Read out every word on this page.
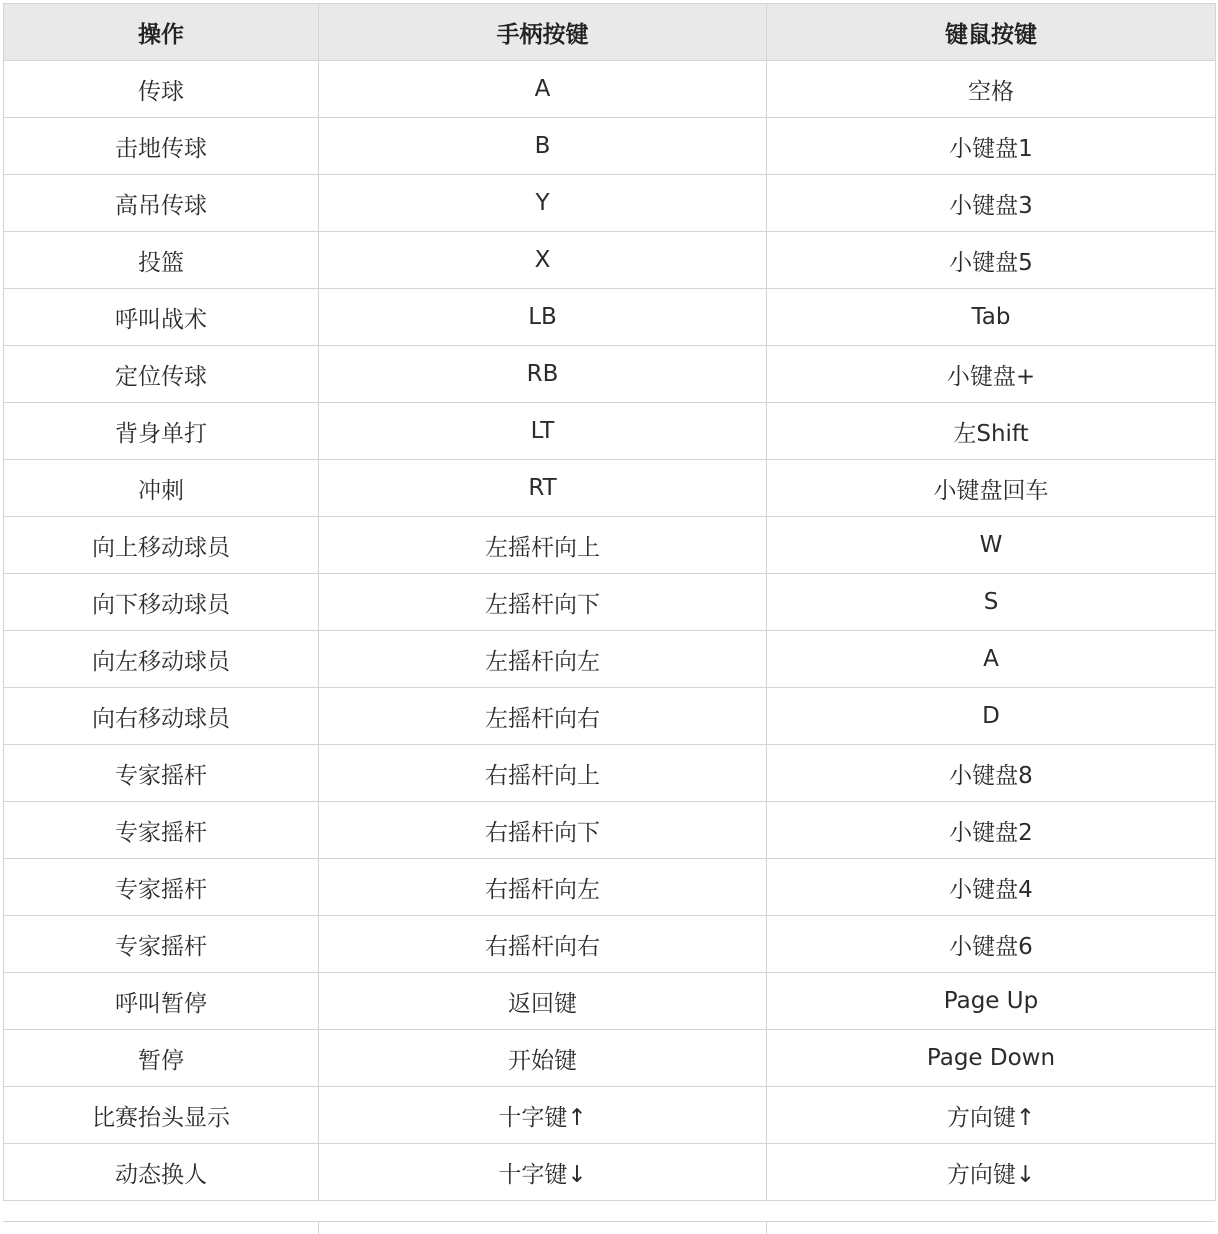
操作	手柄按键	键鼠按键
传球	A	空格
击地传球	B	小键盘1
高吊传球	Y	小键盘3
投篮	X	小键盘5
呼叫战术	LB	Tab
定位传球	RB	小键盘+
背身单打	LT	左Shift
冲刺	RT	小键盘回车
向上移动球员	左摇杆向上	W
向下移动球员	左摇杆向下	S
向左移动球员	左摇杆向左	A
向右移动球员	左摇杆向右	D
专家摇杆	右摇杆向上	小键盘8
专家摇杆	右摇杆向下	小键盘2
专家摇杆	右摇杆向左	小键盘4
专家摇杆	右摇杆向右	小键盘6
呼叫暂停	返回键	Page Up
暂停	开始键	Page Down
比赛抬头显示	十字键↑	方向键↑
动态换人	十字键↓	方向键↓
